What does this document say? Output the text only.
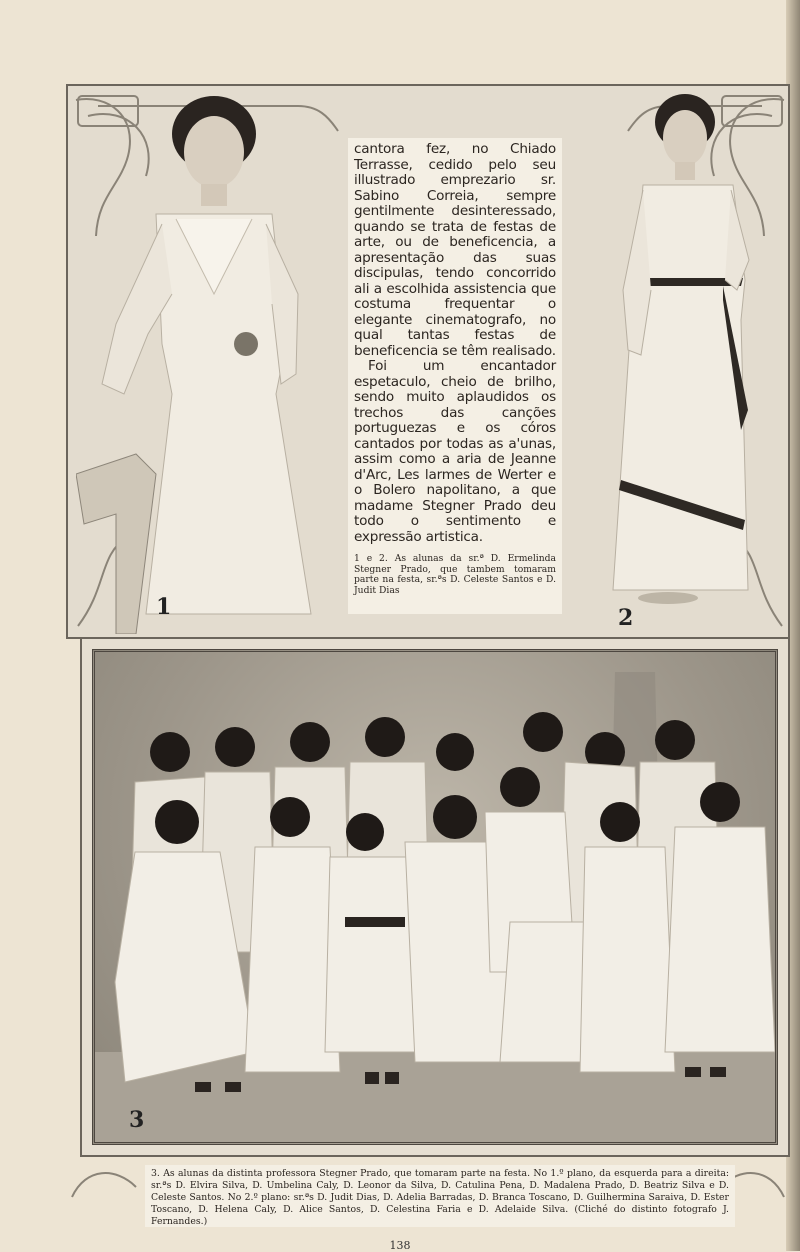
1

cantora fez, no Chiado Terrasse, cedido pelo seu illustrado emprezario sr. Sabino Correia, sempre gentilmente desinteressado, quando se trata de festas de arte, ou de beneficencia, a apresentação das suas discipulas, tendo concorrido ali a escolhida assistencia que costuma frequentar o elegante cinematografo, no qual tantas festas de beneficencia se têm realisado.

Foi um encantador espetaculo, cheio de brilho, sendo muito aplaudidos os trechos das canções portuguezas e os córos cantados por todas as a'unas, assim como a aria de Jeanne d'Arc, Les larmes de Werter e o Bolero napolitano, a que madame Stegner Prado deu todo o sentimento e expressão artistica.

1 e 2. As alunas da sr.ª D. Ermelinda Stegner Prado, que tambem tomaram parte na festa, sr.ªs D. Celeste Santos e D. Judit Dias
2
3
3. As alunas da distinta professora Stegner Prado, que tomaram parte na festa. No 1.º plano, da esquerda para a direita: sr.ªs D. Elvira Silva, D. Umbelina Caly, D. Leonor da Silva, D. Catulina Pena, D. Madalena Prado, D. Beatriz Silva e D. Celeste Santos. No 2.º plano: sr.ªs D. Judit Dias, D. Adelia Barradas, D. Branca Toscano, D. Guilhermina Saraiva, D. Ester Toscano, D. Helena Caly, D. Alice Santos, D. Celestina Faria e D. Adelaide Silva. (Cliché do distinto fotografo J. Fernandes.)
138
